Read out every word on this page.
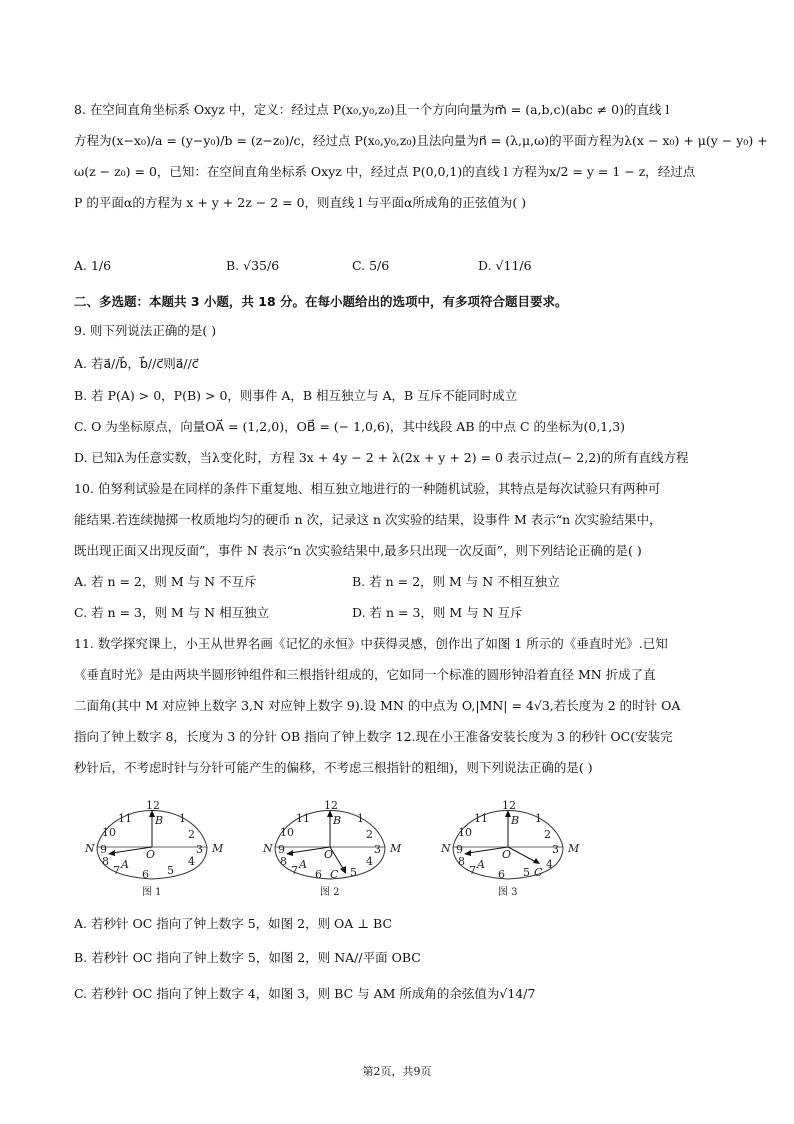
8. 在空间直角坐标系 Oxyz 中，定义：经过点 P(x₀,y₀,z₀)且一个方向向量为m⃗ = (a,b,c)(abc ≠ 0)的直线 l
方程为(x−x₀)/a = (y−y₀)/b = (z−z₀)/c，经过点 P(x₀,y₀,z₀)且法向量为n⃗ = (λ,μ,ω)的平面方程为λ(x − x₀) + μ(y − y₀) +
ω(z − z₀) = 0，已知：在空间直角坐标系 Oxyz 中，经过点 P(0,0,1)的直线 l 方程为x/2 = y = 1 − z，经过点
P 的平面α的方程为 x + y + 2z − 2 = 0，则直线 l 与平面α所成角的正弦值为( )
A. 1/6	B. √35/6	C. 5/6	D. √11/6
二、多选题：本题共 3 小题，共 18 分。在每小题给出的选项中，有多项符合题目要求。
9. 则下列说法正确的是( )
A. 若a⃗//b⃗，b⃗//c⃗则a⃗//c⃗
B. 若 P(A) > 0，P(B) > 0，则事件 A，B 相互独立与 A，B 互斥不能同时成立
C. O 为坐标原点，向量OA⃗ = (1,2,0)，OB⃗ = (− 1,0,6)，其中线段 AB 的中点 C 的坐标为(0,1,3)
D. 已知λ为任意实数，当λ变化时，方程 3x + 4y − 2 + λ(2x + y + 2) = 0 表示过点(− 2,2)的所有直线方程
10. 伯努利试验是在同样的条件下重复地、相互独立地进行的一种随机试验，其特点是每次试验只有两种可
能结果.若连续抛掷一枚质地均匀的硬币 n 次，记录这 n 次实验的结果，设事件 M 表示“n 次实验结果中，
既出现正面又出现反面”，事件 N 表示“n 次实验结果中,最多只出现一次反面”，则下列结论正确的是( )
A. 若 n = 2，则 M 与 N 不互斥	B. 若 n = 2，则 M 与 N 不相互独立
C. 若 n = 3，则 M 与 N 相互独立	D. 若 n = 3，则 M 与 N 互斥
11. 数学探究课上，小王从世界名画《记忆的永恒》中获得灵感，创作出了如图 1 所示的《垂直时光》.已知
《垂直时光》是由两块半圆形钟组件和三根指针组成的，它如同一个标准的圆形钟沿着直径 MN 折成了直
二面角(其中 M 对应钟上数字 3,N 对应钟上数字 9).设 MN 的中点为 O,|MN| = 4√3,若长度为 2 的时针 OA
指向了钟上数字 8，长度为 3 的分针 OB 指向了钟上数字 12.现在小王准备安装长度为 3 的秒针 OC(安装完
秒针后，不考虑时针与分针可能产生的偏移，不考虑三根指针的粗细)，则下列说法正确的是( )
12
11	1
10	2
9	3
8	4
7	5
6
B
O
A
N	M
图 1
12
11	1
10	2
9	3
8	4
7	5
6
B
O
A
C
N	M
图 2
12
11	1
10	2
9	3
8	4
7	5
6
B
O
A
C
N	M
图 3
A. 若秒针 OC 指向了钟上数字 5，如图 2，则 OA ⊥ BC
B. 若秒针 OC 指向了钟上数字 5，如图 2，则 NA//平面 OBC
C. 若秒针 OC 指向了钟上数字 4，如图 3，则 BC 与 AM 所成角的余弦值为√14/7
第2页，共9页
